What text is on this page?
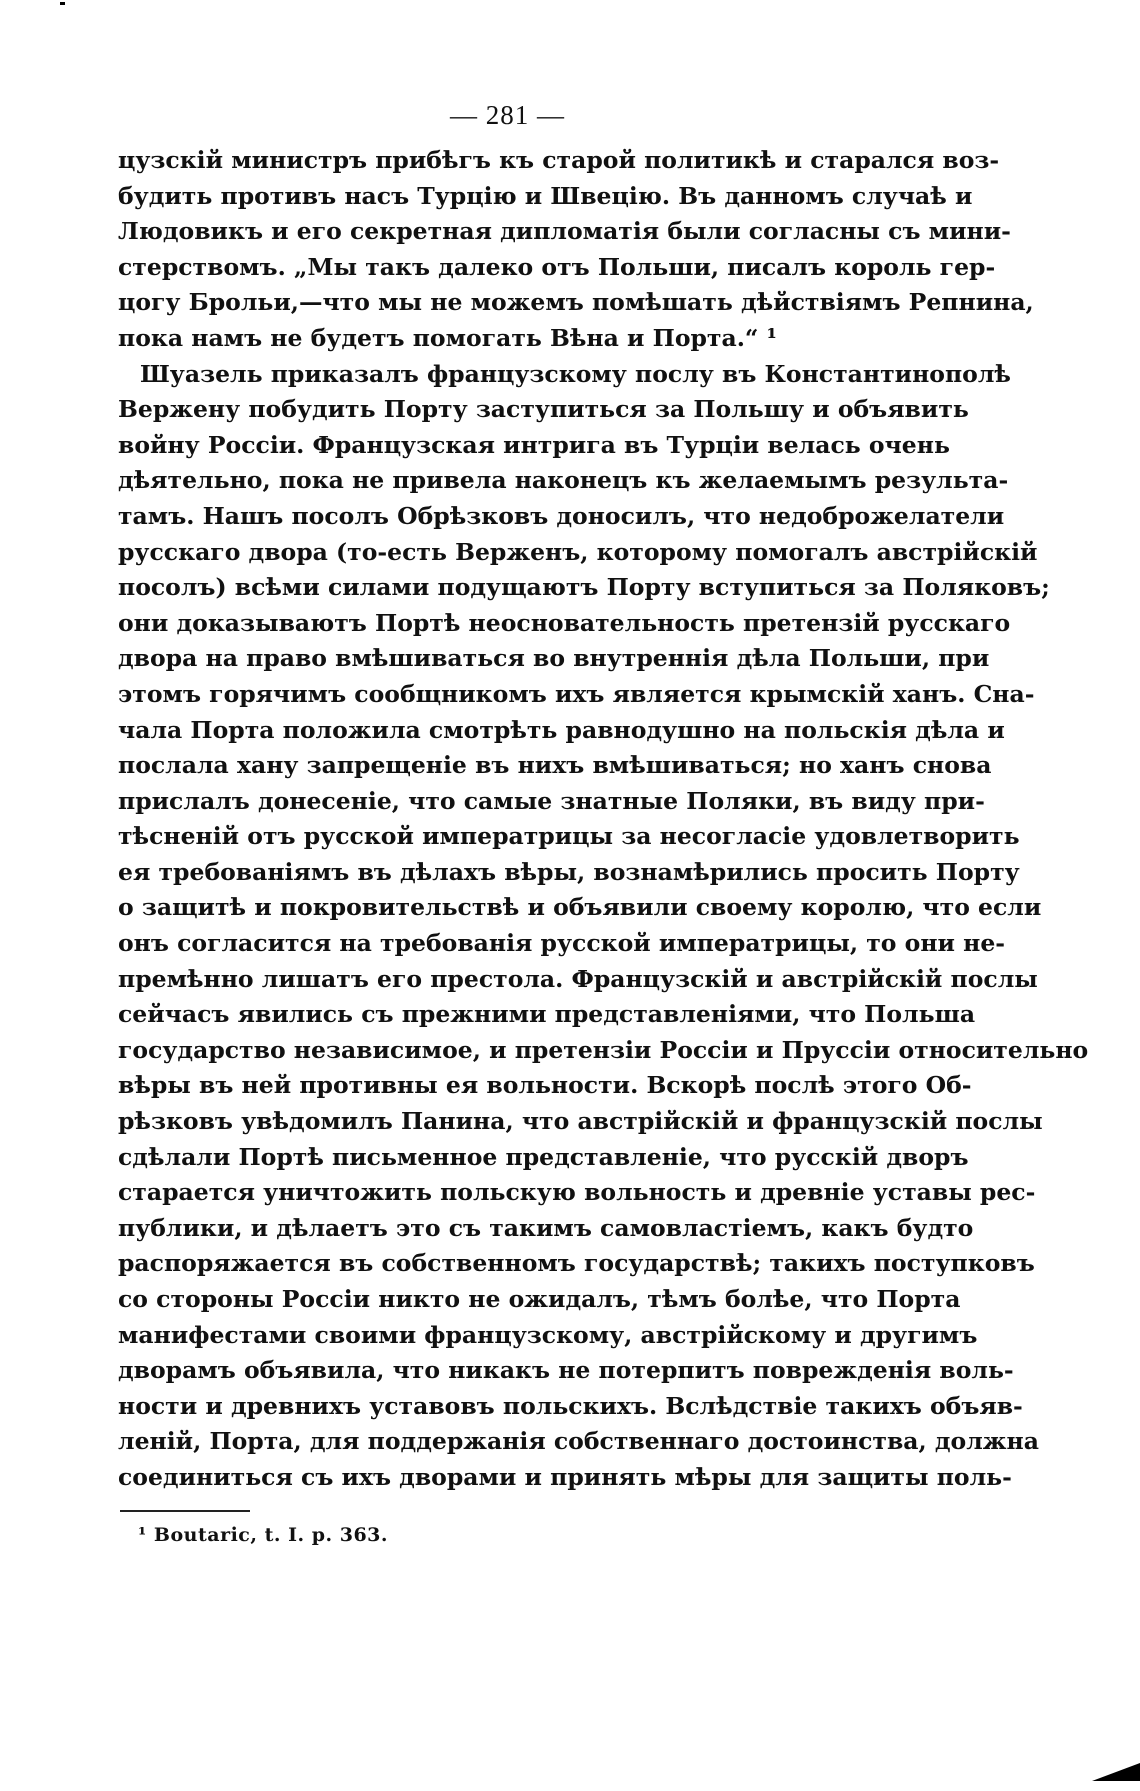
— 281 —
цузскій министръ прибѣгъ къ старой политикѣ и старался воз-
будить противъ насъ Турцію и Швецію. Въ данномъ случаѣ и
Людовикъ и его секретная дипломатія были согласны съ мини-
стерствомъ. „Мы такъ далеко отъ Польши, писалъ король гер-
цогу Брольи,—что мы не можемъ помѣшать дѣйствіямъ Репнина,
пока намъ не будетъ помогать Вѣна и Порта.“ ¹
Шуазель приказалъ французскому послу въ Константинополѣ
Вержену побудить Порту заступиться за Польшу и объявить
войну Россіи. Французская интрига въ Турціи велась очень
дѣятельно, пока не привела наконецъ къ желаемымъ результа-
тамъ. Нашъ посолъ Обрѣзковъ доносилъ, что недоброжелатели
русскаго двора (то-есть Верженъ, которому помогалъ австрійскій
посолъ) всѣми силами подущаютъ Порту вступиться за Поляковъ;
они доказываютъ Портѣ неосновательность претензій русскаго
двора на право вмѣшиваться во внутреннія дѣла Польши, при
этомъ горячимъ сообщникомъ ихъ является крымскій ханъ. Сна-
чала Порта положила смотрѣть равнодушно на польскія дѣла и
послала хану запрещеніе въ нихъ вмѣшиваться; но ханъ снова
прислалъ донесеніе, что самые знатные Поляки, въ виду при-
тѣсненій отъ русской императрицы за несогласіе удовлетворить
ея требованіямъ въ дѣлахъ вѣры, вознамѣрились просить Порту
о защитѣ и покровительствѣ и объявили своему королю, что если
онъ согласится на требованія русской императрицы, то они не-
премѣнно лишатъ его престола. Французскій и австрійскій послы
сейчасъ явились съ прежними представленіями, что Польша
государство независимое, и претензіи Россіи и Пруссіи относительно
вѣры въ ней противны ея вольности. Вскорѣ послѣ этого Об-
рѣзковъ увѣдомилъ Панина, что австрійскій и французскій послы
сдѣлали Портѣ письменное представленіе, что русскій дворъ
старается уничтожить польскую вольность и древніе уставы рес-
публики, и дѣлаетъ это съ такимъ самовластіемъ, какъ будто
распоряжается въ собственномъ государствѣ; такихъ поступковъ
со стороны Россіи никто не ожидалъ, тѣмъ болѣе, что Порта
манифестами своими французскому, австрійскому и другимъ
дворамъ объявила, что никакъ не потерпитъ поврежденія воль-
ности и древнихъ уставовъ польскихъ. Вслѣдствіе такихъ объяв-
леній, Порта, для поддержанія собственнаго достоинства, должна
соединиться съ ихъ дворами и принять мѣры для защиты поль-
¹ Boutaric, t. I. p. 363.
